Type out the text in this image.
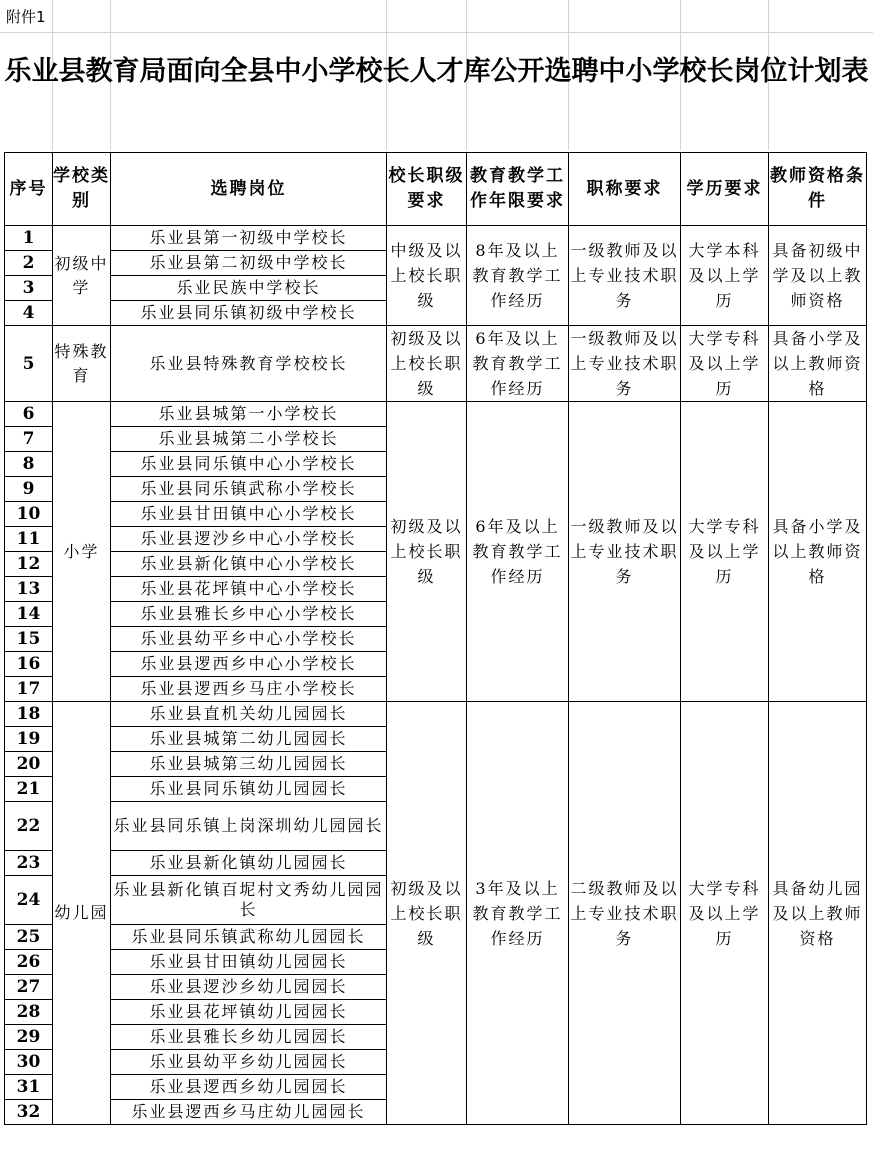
附件1
乐业县教育局面向全县中小学校长人才库公开选聘中小学校长岗位计划表
序号	学校类别	选聘岗位	校长职级要求	教育教学工作年限要求	职称要求	学历要求	教师资格条件
1	初级中学	乐业县第一初级中学校长	中级及以上校长职级	8年及以上教育教学工作经历	一级教师及以上专业技术职务	大学本科及以上学历	具备初级中学及以上教师资格
2		乐业县第二初级中学校长					
3		乐业民族中学校长					
4		乐业县同乐镇初级中学校长					
5	特殊教育	乐业县特殊教育学校校长	初级及以上校长职级	6年及以上教育教学工作经历	一级教师及以上专业技术职务	大学专科及以上学历	具备小学及以上教师资格
6	小学	乐业县城第一小学校长	初级及以上校长职级	6年及以上教育教学工作经历	一级教师及以上专业技术职务	大学专科及以上学历	具备小学及以上教师资格
7		乐业县城第二小学校长					
8		乐业县同乐镇中心小学校长					
9		乐业县同乐镇武称小学校长					
10		乐业县甘田镇中心小学校长					
11		乐业县逻沙乡中心小学校长					
12		乐业县新化镇中心小学校长					
13		乐业县花坪镇中心小学校长					
14		乐业县雅长乡中心小学校长					
15		乐业县幼平乡中心小学校长					
16		乐业县逻西乡中心小学校长					
17		乐业县逻西乡马庄小学校长					
18	幼儿园	乐业县直机关幼儿园园长	初级及以上校长职级	3年及以上教育教学工作经历	二级教师及以上专业技术职务	大学专科及以上学历	具备幼儿园及以上教师资格
19		乐业县城第二幼儿园园长					
20		乐业县城第三幼儿园园长					
21		乐业县同乐镇幼儿园园长					
22		乐业县同乐镇上岗深圳幼儿园园长					
23		乐业县新化镇幼儿园园长					
24		乐业县新化镇百坭村文秀幼儿园园长					
25		乐业县同乐镇武称幼儿园园长					
26		乐业县甘田镇幼儿园园长					
27		乐业县逻沙乡幼儿园园长					
28		乐业县花坪镇幼儿园园长					
29		乐业县雅长乡幼儿园园长					
30		乐业县幼平乡幼儿园园长					
31		乐业县逻西乡幼儿园园长					
32		乐业县逻西乡马庄幼儿园园长					
